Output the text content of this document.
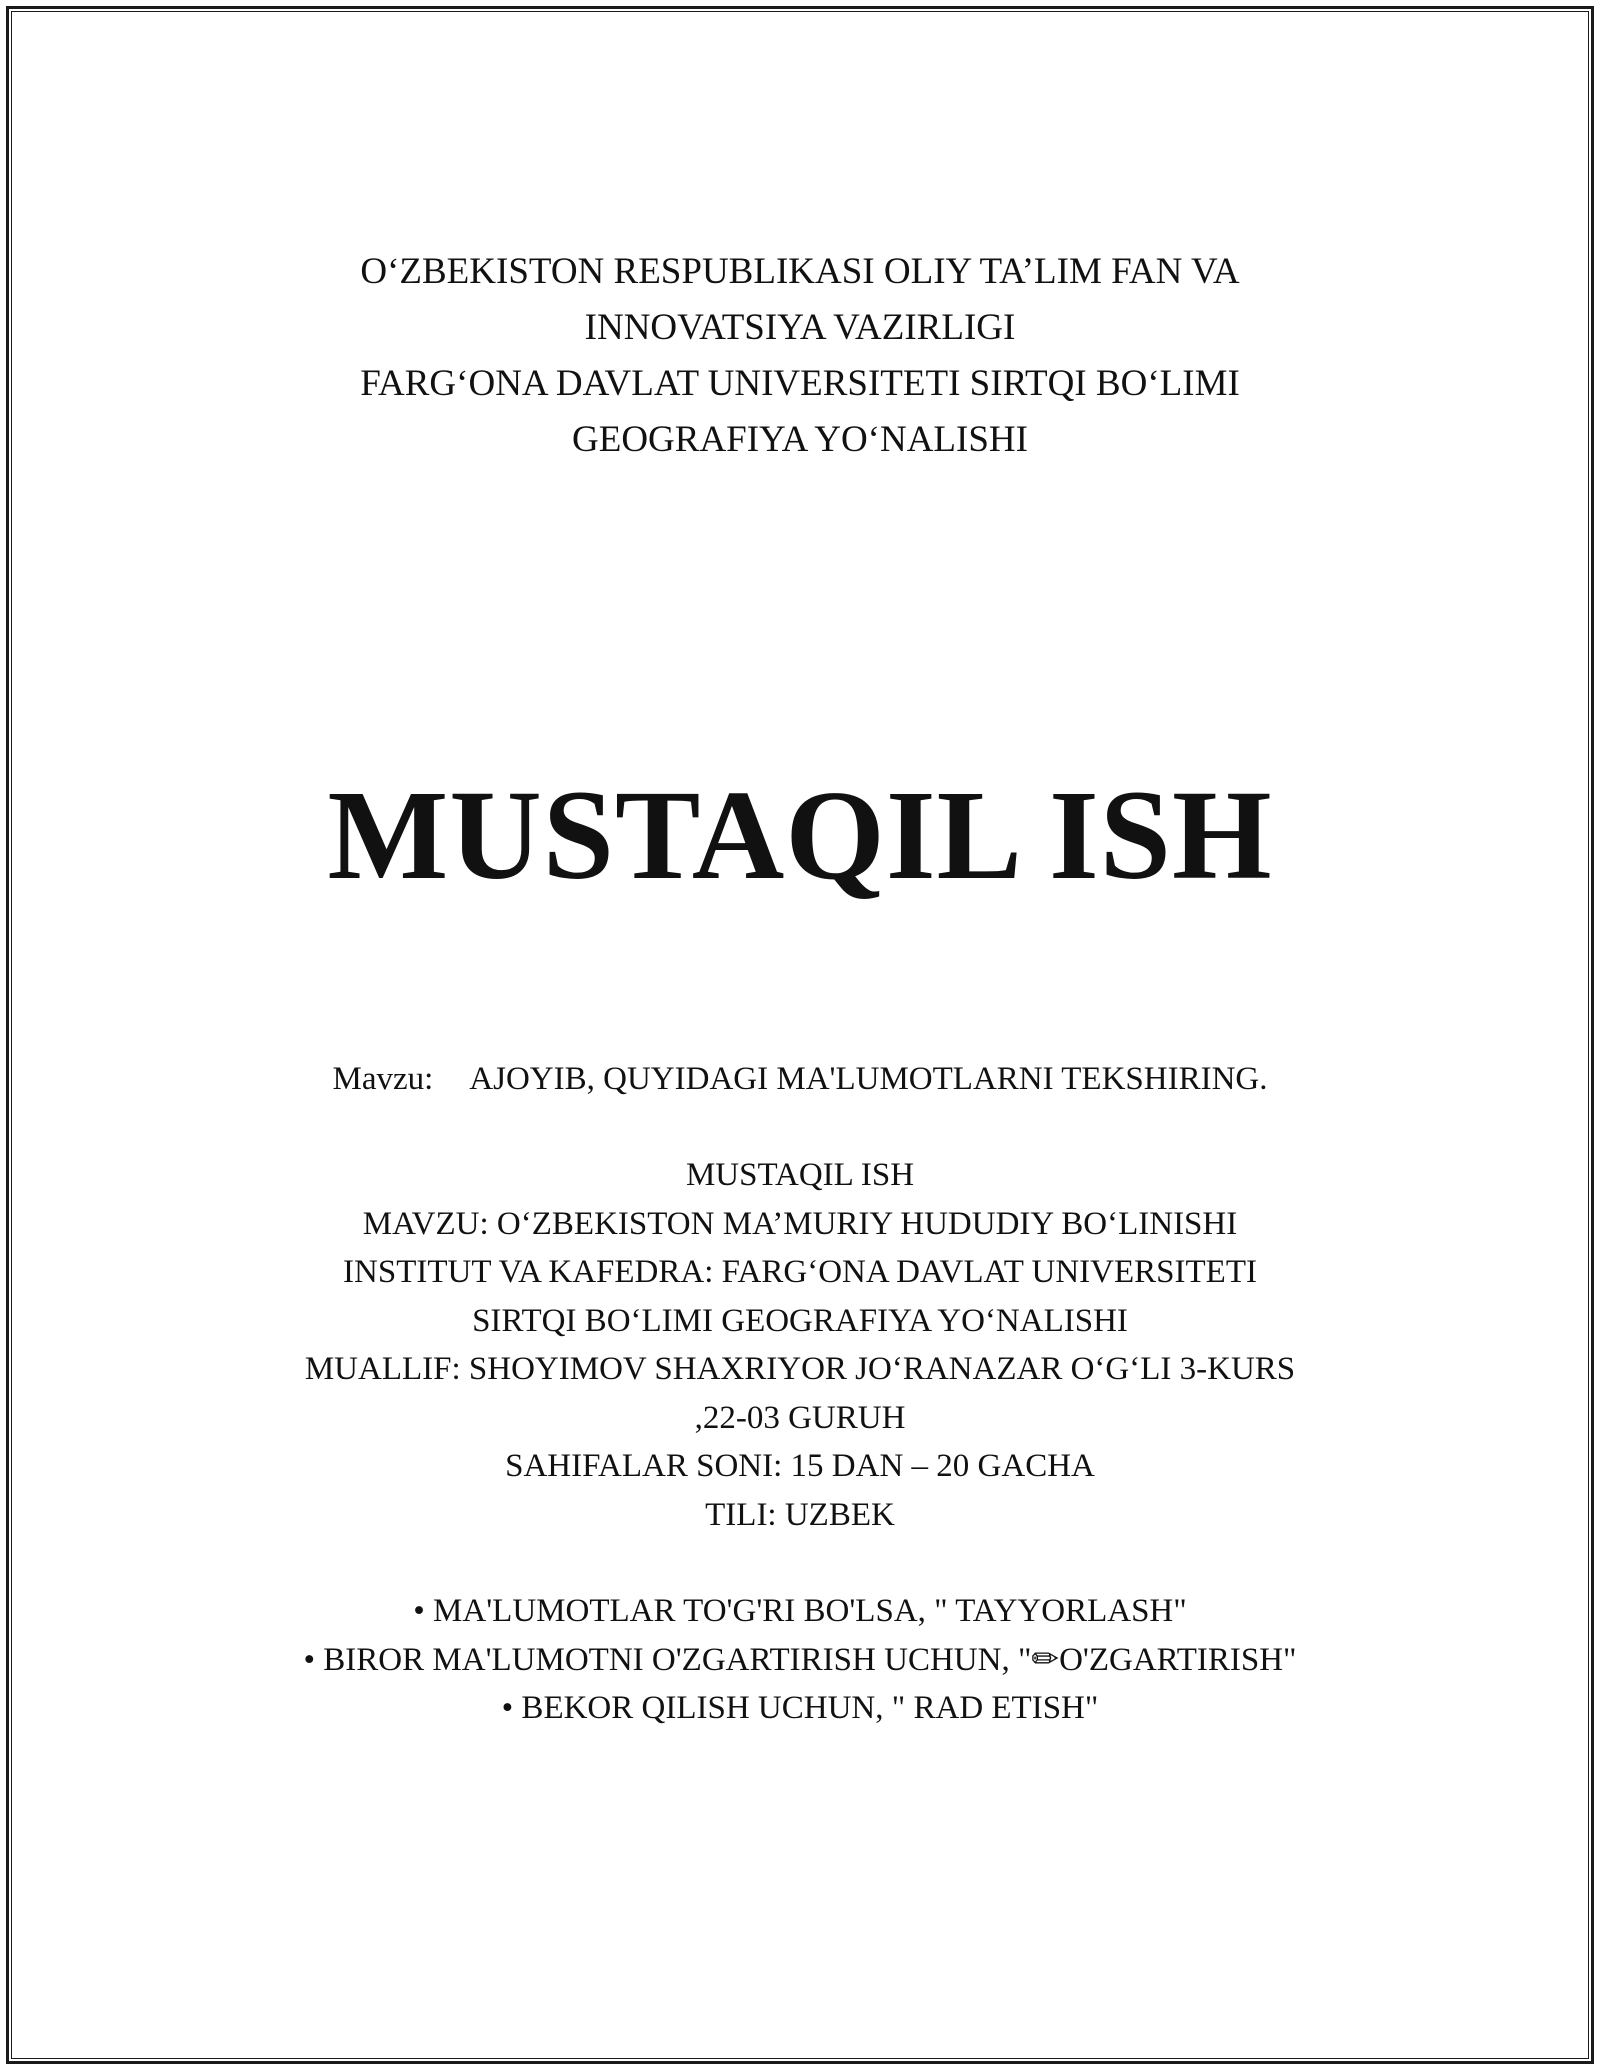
O‘ZBEKISTON RESPUBLIKASI OLIY TA’LIM FAN VA
INNOVATSIYA VAZIRLIGI
FARG‘ONA DAVLAT UNIVERSITETI SIRTQI BO‘LIMI
GEOGRAFIYA YO‘NALISHI
MUSTAQIL ISH
Mavzu: AJOYIB, QUYIDAGI MA'LUMOTLARNI TEKSHIRING.
MUSTAQIL ISH
MAVZU: O‘ZBEKISTON MA’MURIY HUDUDIY BO‘LINISHI
INSTITUT VA KAFEDRA: FARG‘ONA DAVLAT UNIVERSITETI
SIRTQI BO‘LIMI GEOGRAFIYA YO‘NALISHI
MUALLIF: SHOYIMOV SHAXRIYOR JO‘RANAZAR O‘G‘LI 3-KURS
,22-03 GURUH
SAHIFALAR SONI: 15 DAN – 20 GACHA
TILI: UZBEK
• MA'LUMOTLAR TO'G'RI BO'LSA, " TAYYORLASH"
• BIROR MA'LUMOTNI O'ZGARTIRISH UCHUN, "✏O'ZGARTIRISH"
• BEKOR QILISH UCHUN, " RAD ETISH"
